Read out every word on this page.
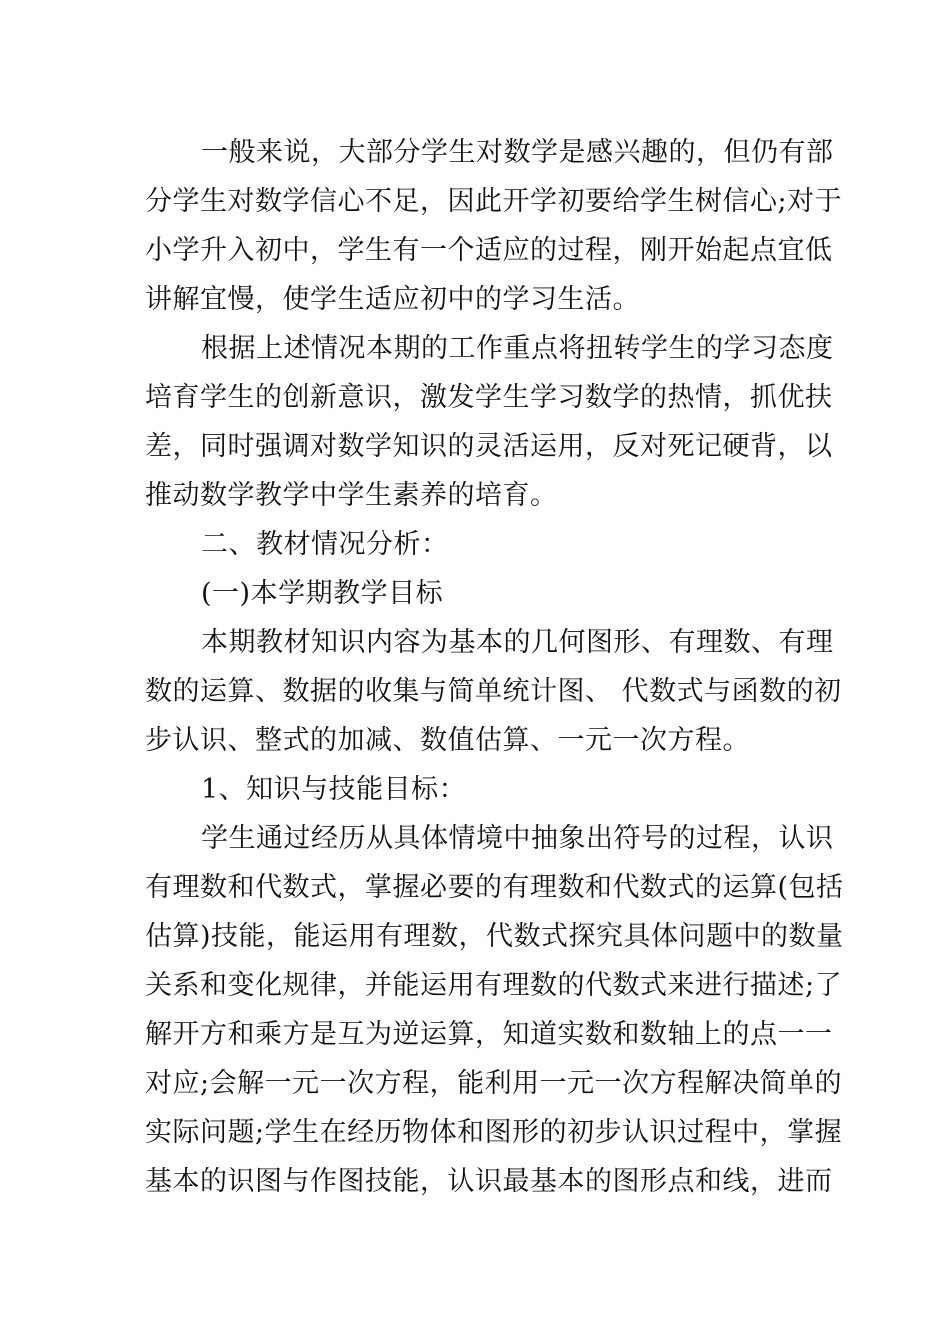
一般来说，大部分学生对数学是感兴趣的，但仍有部
分学生对数学信心不足，因此开学初要给学生树信心;对于
小学升入初中，学生有一个适应的过程，刚开始起点宜低
讲解宜慢，使学生适应初中的学习生活。
根据上述情况本期的工作重点将扭转学生的学习态度
培育学生的创新意识，激发学生学习数学的热情，抓优扶
差，同时强调对数学知识的灵活运用，反对死记硬背，以
推动数学教学中学生素养的培育。
二、教材情况分析：
(一)本学期教学目标
本期教材知识内容为基本的几何图形、有理数、有理
数的运算、数据的收集与简单统计图、 代数式与函数的初
步认识、整式的加减、数值估算、一元一次方程。
1、知识与技能目标：
学生通过经历从具体情境中抽象出符号的过程，认识
有理数和代数式，掌握必要的有理数和代数式的运算(包括
估算)技能，能运用有理数，代数式探究具体问题中的数量
关系和变化规律，并能运用有理数的代数式来进行描述;了
解开方和乘方是互为逆运算，知道实数和数轴上的点一一
对应;会解一元一次方程，能利用一元一次方程解决简单的
实际问题;学生在经历物体和图形的初步认识过程中，掌握
基本的识图与作图技能，认识最基本的图形点和线，进而
